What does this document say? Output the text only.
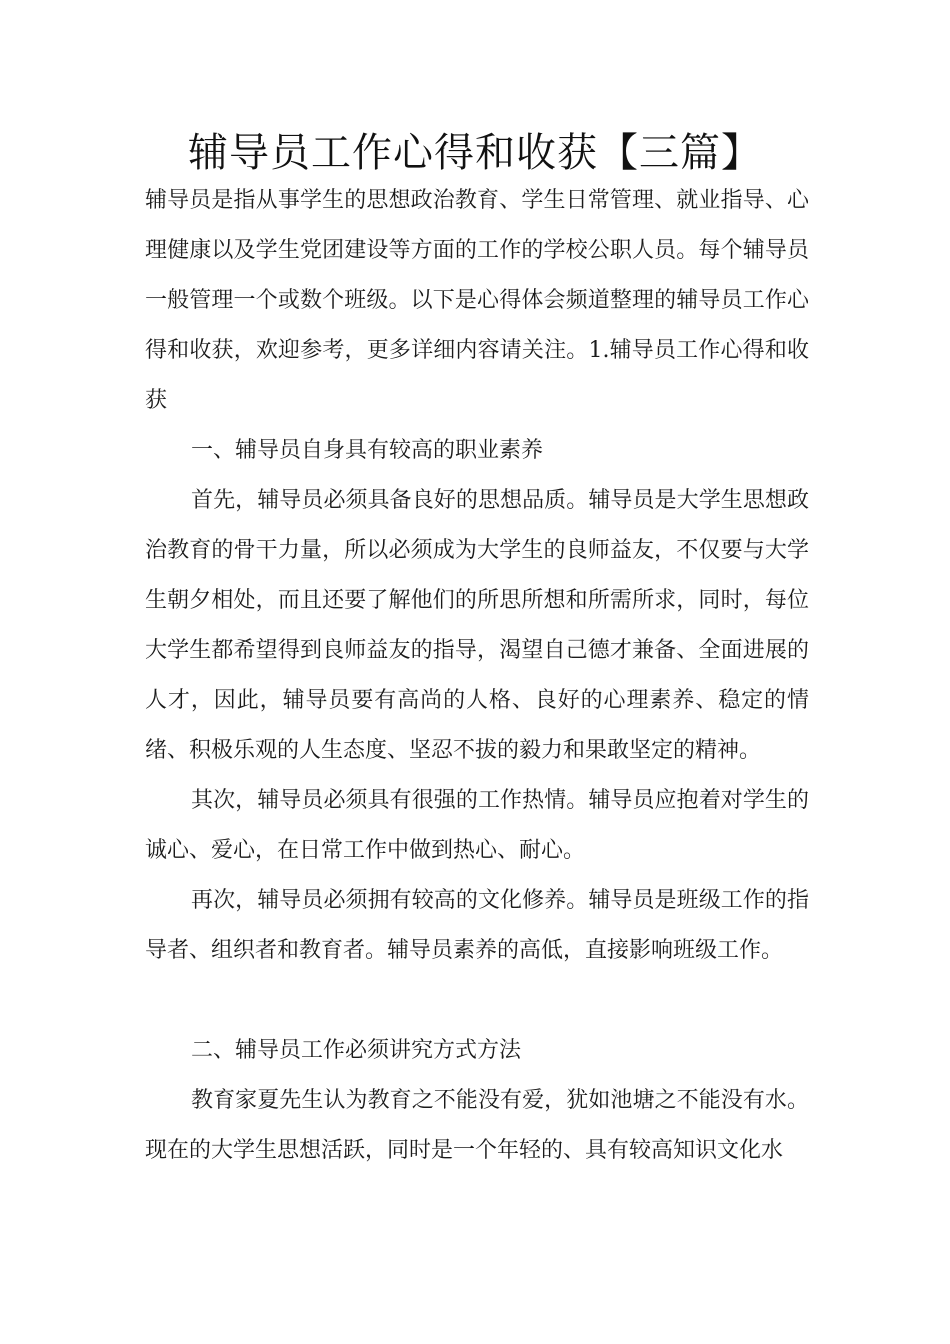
辅导员工作心得和收获【三篇】

辅导员是指从事学生的思想政治教育、学生日常管理、就业指导、心理健康以及学生党团建设等方面的工作的学校公职人员。每个辅导员一般管理一个或数个班级。以下是心得体会频道整理的辅导员工作心得和收获，欢迎参考，更多详细内容请关注。1.辅导员工作心得和收获

一、辅导员自身具有较高的职业素养

首先，辅导员必须具备良好的思想品质。辅导员是大学生思想政治教育的骨干力量，所以必须成为大学生的良师益友，不仅要与大学生朝夕相处，而且还要了解他们的所思所想和所需所求，同时，每位大学生都希望得到良师益友的指导，渴望自己德才兼备、全面进展的人才，因此，辅导员要有高尚的人格、良好的心理素养、稳定的情绪、积极乐观的人生态度、坚忍不拔的毅力和果敢坚定的精神。

其次，辅导员必须具有很强的工作热情。辅导员应抱着对学生的诚心、爱心，在日常工作中做到热心、耐心。

再次，辅导员必须拥有较高的文化修养。辅导员是班级工作的指导者、组织者和教育者。辅导员素养的高低，直接影响班级工作。

二、辅导员工作必须讲究方式方法

教育家夏先生认为教育之不能没有爱，犹如池塘之不能没有水。现在的大学生思想活跃，同时是一个年轻的、具有较高知识文化水
